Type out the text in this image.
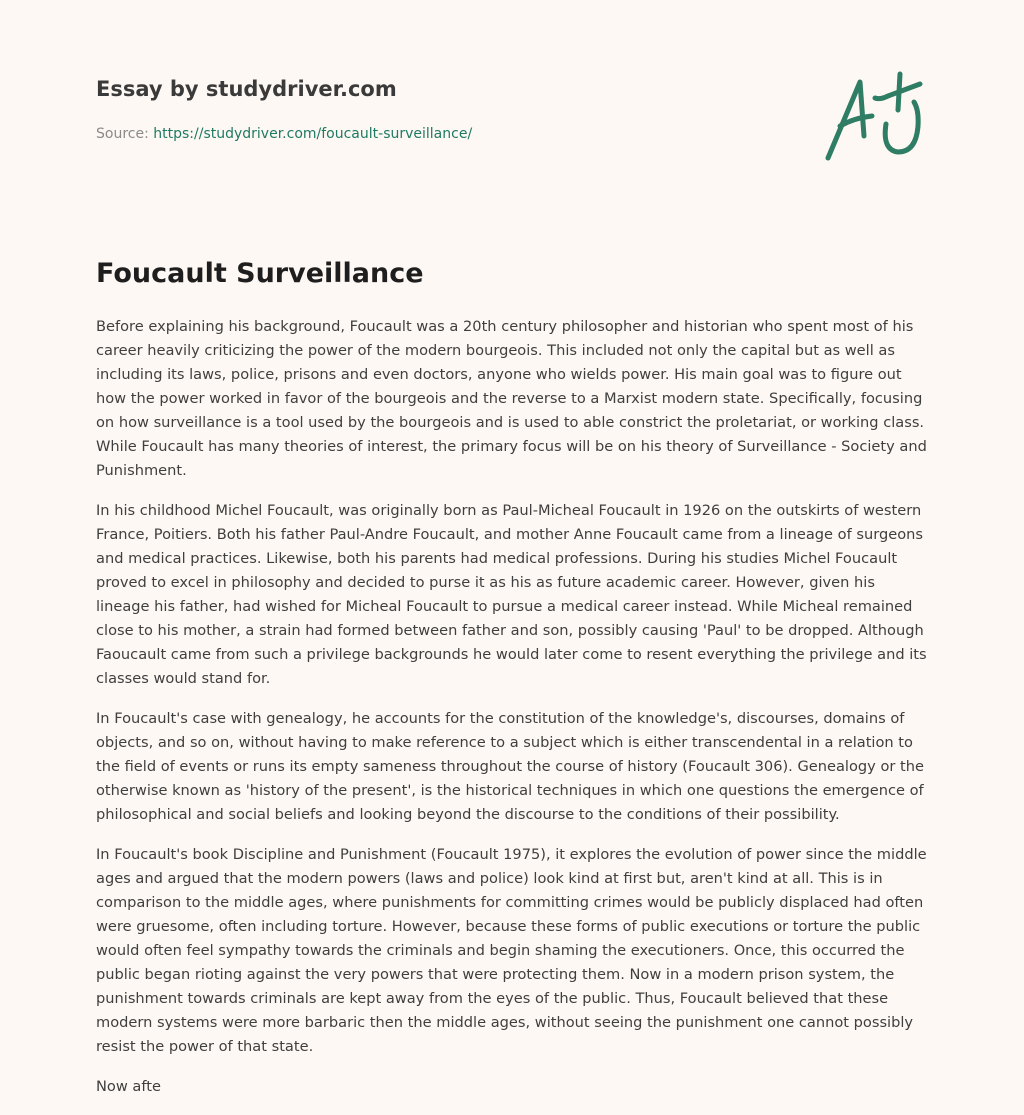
Essay by studydriver.com
Source: https://studydriver.com/foucault-surveillance/
Foucault Surveillance

Before explaining his background, Foucault was a 20th century philosopher and historian who spent most of his career heavily criticizing the power of the modern bourgeois. This included not only the capital but as well as including its laws, police, prisons and even doctors, anyone who wields power. His main goal was to figure out how the power worked in favor of the bourgeois and the reverse to a Marxist modern state. Specifically, focusing on how surveillance is a tool used by the bourgeois and is used to able constrict the proletariat, or working class. While Foucault has many theories of interest, the primary focus will be on his theory of Surveillance - Society and Punishment.

In his childhood Michel Foucault, was originally born as Paul-Micheal Foucault in 1926 on the outskirts of western France, Poitiers. Both his father Paul-Andre Foucault, and mother Anne Foucault came from a lineage of surgeons and medical practices. Likewise, both his parents had medical professions. During his studies Michel Foucault proved to excel in philosophy and decided to purse it as his as future academic career. However, given his lineage his father, had wished for Micheal Foucault to pursue a medical career instead. While Micheal remained close to his mother, a strain had formed between father and son, possibly causing 'Paul' to be dropped. Although Faoucault came from such a privilege backgrounds he would later come to resent everything the privilege and its classes would stand for.

In Foucault's case with genealogy, he accounts for the constitution of the knowledge's, discourses, domains of objects, and so on, without having to make reference to a subject which is either transcendental in a relation to the field of events or runs its empty sameness throughout the course of history (Foucault 306). Genealogy or the otherwise known as 'history of the present', is the historical techniques in which one questions the emergence of philosophical and social beliefs and looking beyond the discourse to the conditions of their possibility.

In Foucault's book Discipline and Punishment (Foucault 1975), it explores the evolution of power since the middle ages and argued that the modern powers (laws and police) look kind at first but, aren't kind at all. This is in comparison to the middle ages, where punishments for committing crimes would be publicly displaced had often were gruesome, often including torture. However, because these forms of public executions or torture the public would often feel sympathy towards the criminals and begin shaming the executioners. Once, this occurred the public began rioting against the very powers that were protecting them. Now in a modern prison system, the punishment towards criminals are kept away from the eyes of the public. Thus, Foucault believed that these modern systems were more barbaric then the middle ages, without seeing the punishment one cannot possibly resist the power of that state.

Now afte
